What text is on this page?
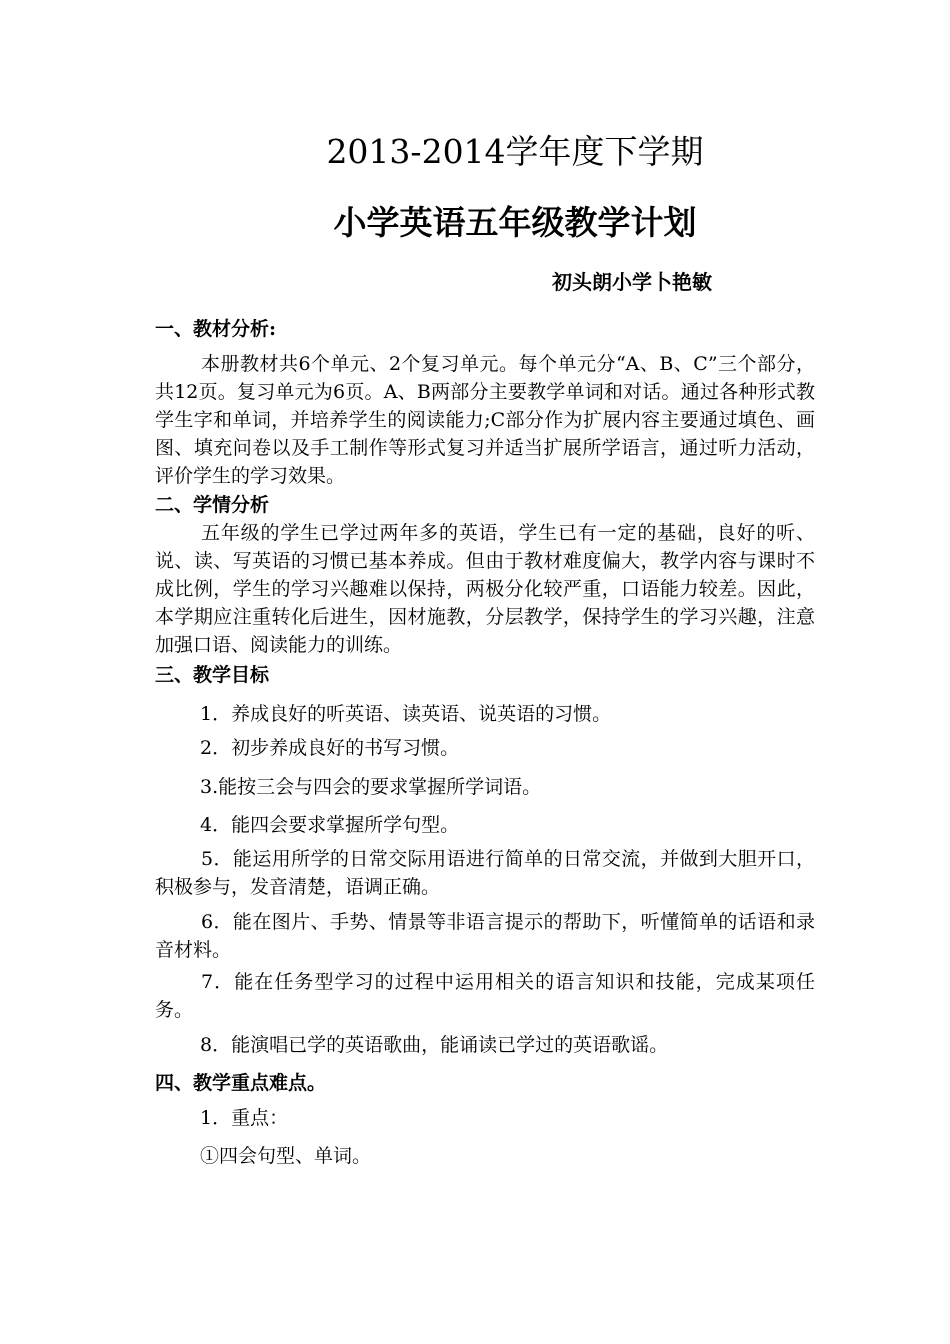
2013-2014学年度下学期
小学英语五年级教学计划
初头朗小学卜艳敏
一、教材分析:
本册教材共6个单元、2个复习单元。每个单元分“A、B、C”三个部分，共12页。复习单元为6页。A、B两部分主要教学单词和对话。通过各种形式教学生字和单词，并培养学生的阅读能力;C部分作为扩展内容主要通过填色、画图、填充问卷以及手工制作等形式复习并适当扩展所学语言，通过听力活动，评价学生的学习效果。
二、学情分析
五年级的学生已学过两年多的英语，学生已有一定的基础，良好的听、说、读、写英语的习惯已基本养成。但由于教材难度偏大，教学内容与课时不成比例，学生的学习兴趣难以保持，两极分化较严重，口语能力较差。因此，本学期应注重转化后进生，因材施教，分层教学，保持学生的学习兴趣，注意加强口语、阅读能力的训练。
三、教学目标
1．养成良好的听英语、读英语、说英语的习惯。
2．初步养成良好的书写习惯。
3.能按三会与四会的要求掌握所学词语。
4．能四会要求掌握所学句型。
5．能运用所学的日常交际用语进行简单的日常交流，并做到大胆开口，积极参与，发音清楚，语调正确。
6．能在图片、手势、情景等非语言提示的帮助下，听懂简单的话语和录音材料。
7．能在任务型学习的过程中运用相关的语言知识和技能，完成某项任务。
8．能演唱已学的英语歌曲，能诵读已学过的英语歌谣。
四、教学重点难点。
1．重点：
①四会句型、单词。
